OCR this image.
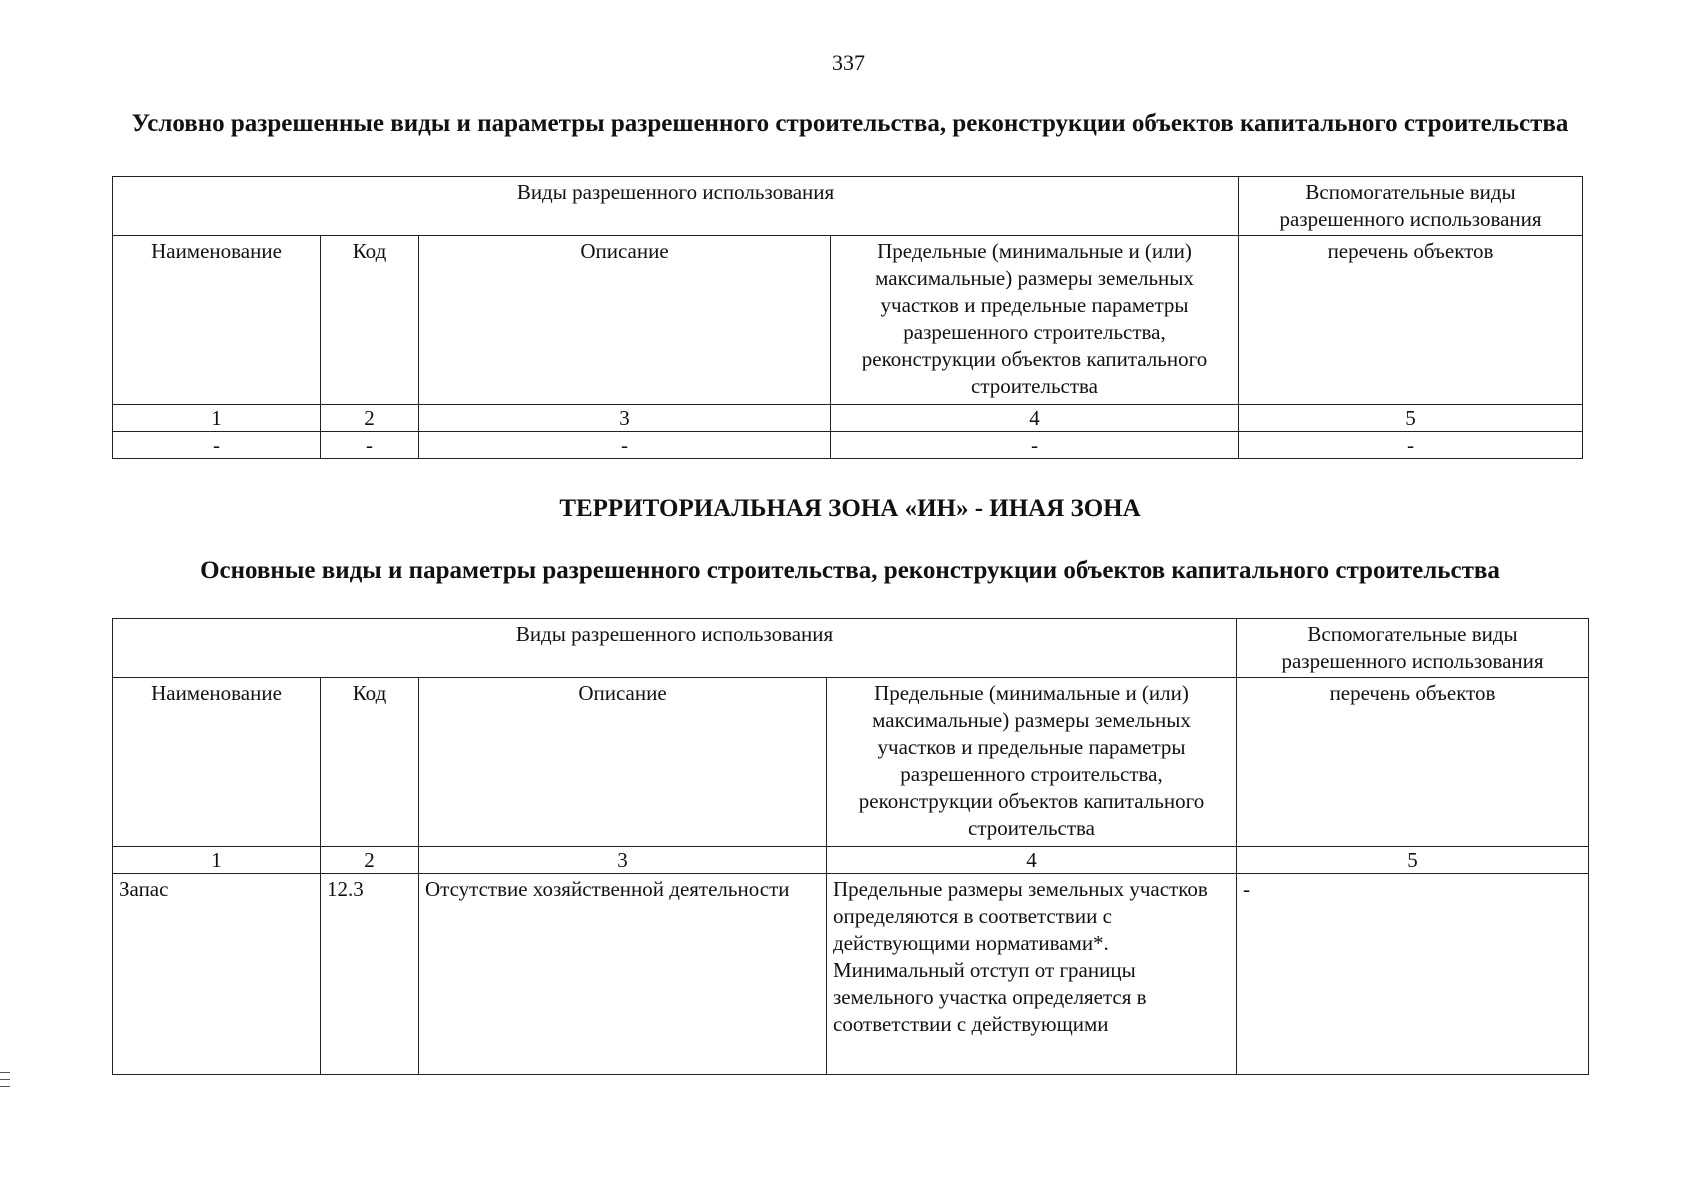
337
Условно разрешенные виды и параметры разрешенного строительства, реконструкции объектов капитального строительства
Виды разрешенного использования				Вспомогательные виды разрешенного использования
Наименование	Код	Описание	Предельные (минимальные и (или) максимальные) размеры земельных участков и предельные параметры разрешенного строительства, реконструкции объектов капитального строительства	перечень объектов
1	2	3	4	5
-	-	-	-	-
ТЕРРИТОРИАЛЬНАЯ ЗОНА «ИН» - ИНАЯ ЗОНА
Основные виды и параметры разрешенного строительства, реконструкции объектов капитального строительства
Виды разрешенного использования				Вспомогательные виды разрешенного использования
Наименование	Код	Описание	Предельные (минимальные и (или) максимальные) размеры земельных участков и предельные параметры разрешенного строительства, реконструкции объектов капитального строительства	перечень объектов
1	2	3	4	5
Запас	12.3	Отсутствие хозяйственной деятельности	Предельные размеры земельных участков определяются в соответствии с действующими нормативами*. Минимальный отступ от границы земельного участка определяется в соответствии с действующими	-
